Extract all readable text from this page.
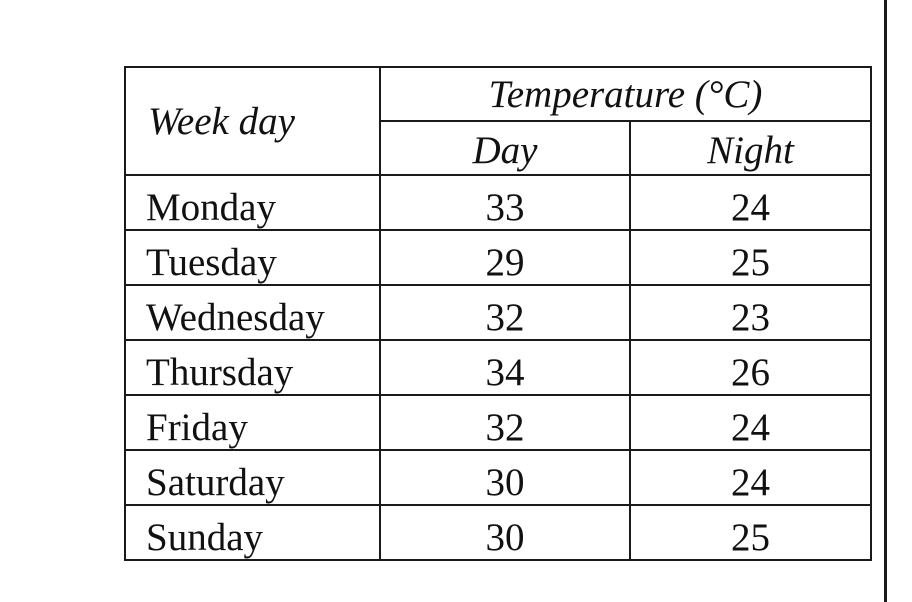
Week day	Temperature (°C)	
	Day	Night
Monday	33	24
Tuesday	29	25
Wednesday	32	23
Thursday	34	26
Friday	32	24
Saturday	30	24
Sunday	30	25
